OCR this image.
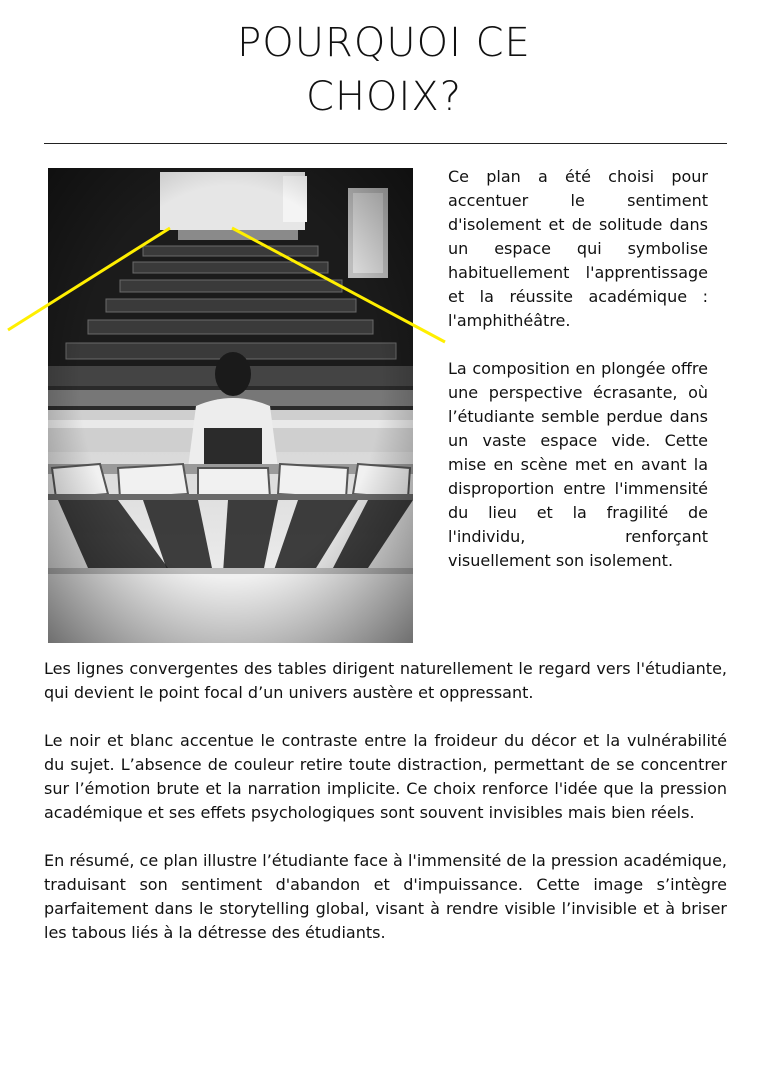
POURQUOI CE
CHOIX?

Ce plan a été choisi pour accentuer le sentiment d'isolement et de solitude dans un espace qui symbolise habituellement l'apprentissage et la réussite académique : l'amphithéâtre.

La composition en plongée offre une perspective écrasante, où l’étudiante semble perdue dans un vaste espace vide. Cette mise en scène met en avant la disproportion entre l'immensité du lieu et la fragilité de l'individu, renforçant visuellement son isolement.

Les lignes convergentes des tables dirigent naturellement le regard vers l'étudiante, qui devient le point focal d’un univers austère et oppressant.

Le noir et blanc accentue le contraste entre la froideur du décor et la vulnérabilité du sujet. L’absence de couleur retire toute distraction, permettant de se concentrer sur l’émotion brute et la narration implicite. Ce choix renforce l'idée que la pression académique et ses effets psychologiques sont souvent invisibles mais bien réels.

En résumé, ce plan illustre l’étudiante face à l'immensité de la pression académique, traduisant son sentiment d'abandon et d'impuissance. Cette image s’intègre parfaitement dans le storytelling global, visant à rendre visible l’invisible et à briser les tabous liés à la détresse des étudiants.
